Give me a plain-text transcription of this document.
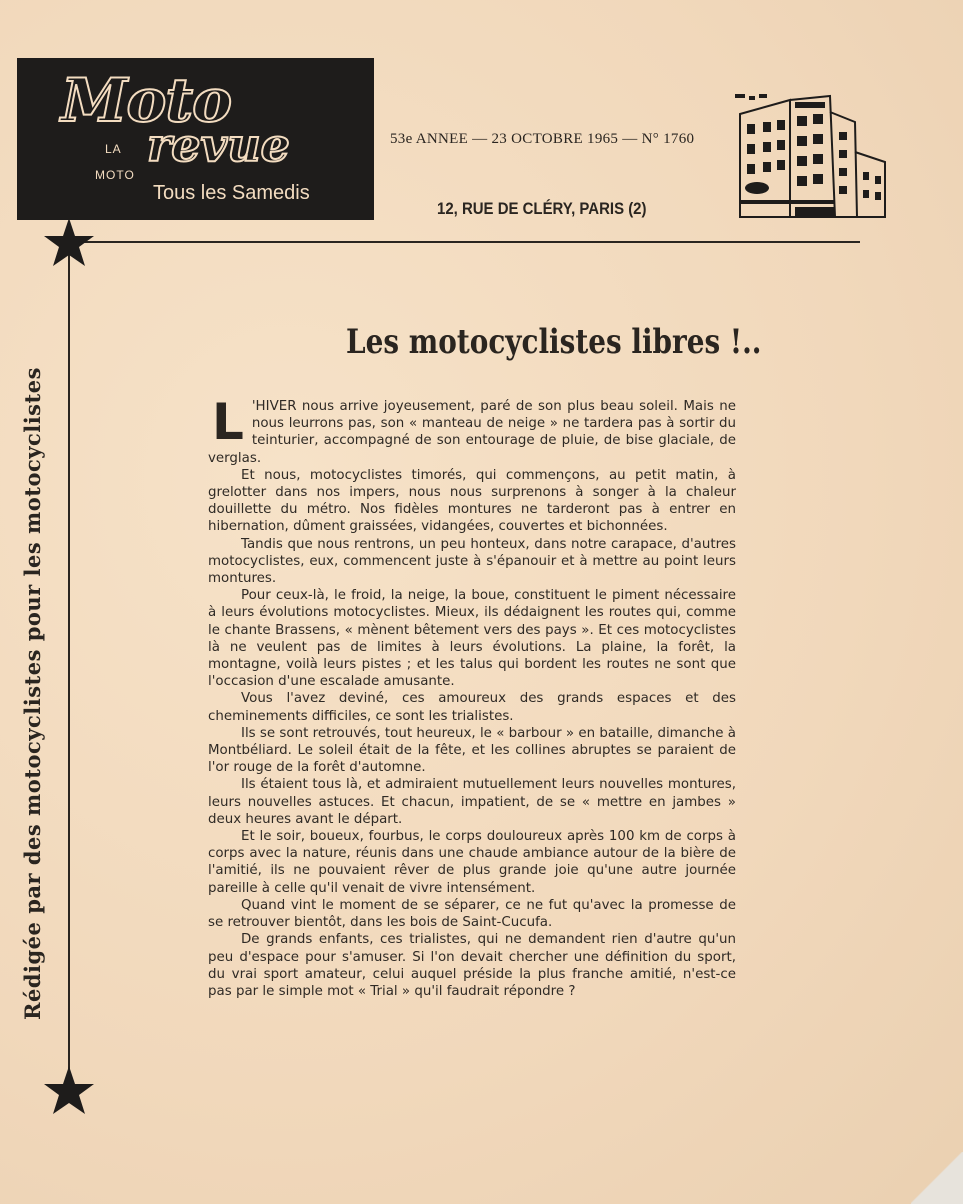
Moto
LA
MOTO
revue
Tous les Samedis
53e ANNEE — 23 OCTOBRE 1965 — N° 1760
12, RUE DE CLÉRY, PARIS (2)
Rédigée par des motocyclistes pour les motocyclistes
Les motocyclistes libres !..

L 'HIVER nous arrive joyeusement, paré de son plus beau soleil. Mais ne nous leurrons pas, son « manteau de neige » ne tardera pas à sortir du teinturier, accompagné de son entourage de pluie, de bise glaciale, de verglas.

Et nous, motocyclistes timorés, qui commençons, au petit matin, à grelotter dans nos impers, nous nous surprenons à songer à la chaleur douillette du métro. Nos fidèles montures ne tarderont pas à entrer en hibernation, dûment graissées, vidangées, couvertes et bichonnées.

Tandis que nous rentrons, un peu honteux, dans notre carapace, d'autres motocyclistes, eux, commencent juste à s'épanouir et à mettre au point leurs montures.

Pour ceux-là, le froid, la neige, la boue, constituent le piment nécessaire à leurs évolutions motocyclistes. Mieux, ils dédaignent les routes qui, comme le chante Brassens, « mènent bêtement vers des pays ». Et ces motocyclistes là ne veulent pas de limites à leurs évolutions. La plaine, la forêt, la montagne, voilà leurs pistes ; et les talus qui bordent les routes ne sont que l'occasion d'une escalade amusante.

Vous l'avez deviné, ces amoureux des grands espaces et des cheminements difficiles, ce sont les trialistes.

Ils se sont retrouvés, tout heureux, le « barbour » en bataille, dimanche à Montbéliard. Le soleil était de la fête, et les collines abruptes se paraient de l'or rouge de la forêt d'automne.

Ils étaient tous là, et admiraient mutuellement leurs nouvelles montures, leurs nouvelles astuces. Et chacun, impatient, de se « mettre en jambes » deux heures avant le départ.

Et le soir, boueux, fourbus, le corps douloureux après 100 km de corps à corps avec la nature, réunis dans une chaude ambiance autour de la bière de l'amitié, ils ne pouvaient rêver de plus grande joie qu'une autre journée pareille à celle qu'il venait de vivre intensément.

Quand vint le moment de se séparer, ce ne fut qu'avec la promesse de se retrouver bientôt, dans les bois de Saint-Cucufa.

De grands enfants, ces trialistes, qui ne demandent rien d'autre qu'un peu d'espace pour s'amuser. Si l'on devait chercher une définition du sport, du vrai sport amateur, celui auquel préside la plus franche amitié, n'est-ce pas par le simple mot « Trial » qu'il faudrait répondre ?
